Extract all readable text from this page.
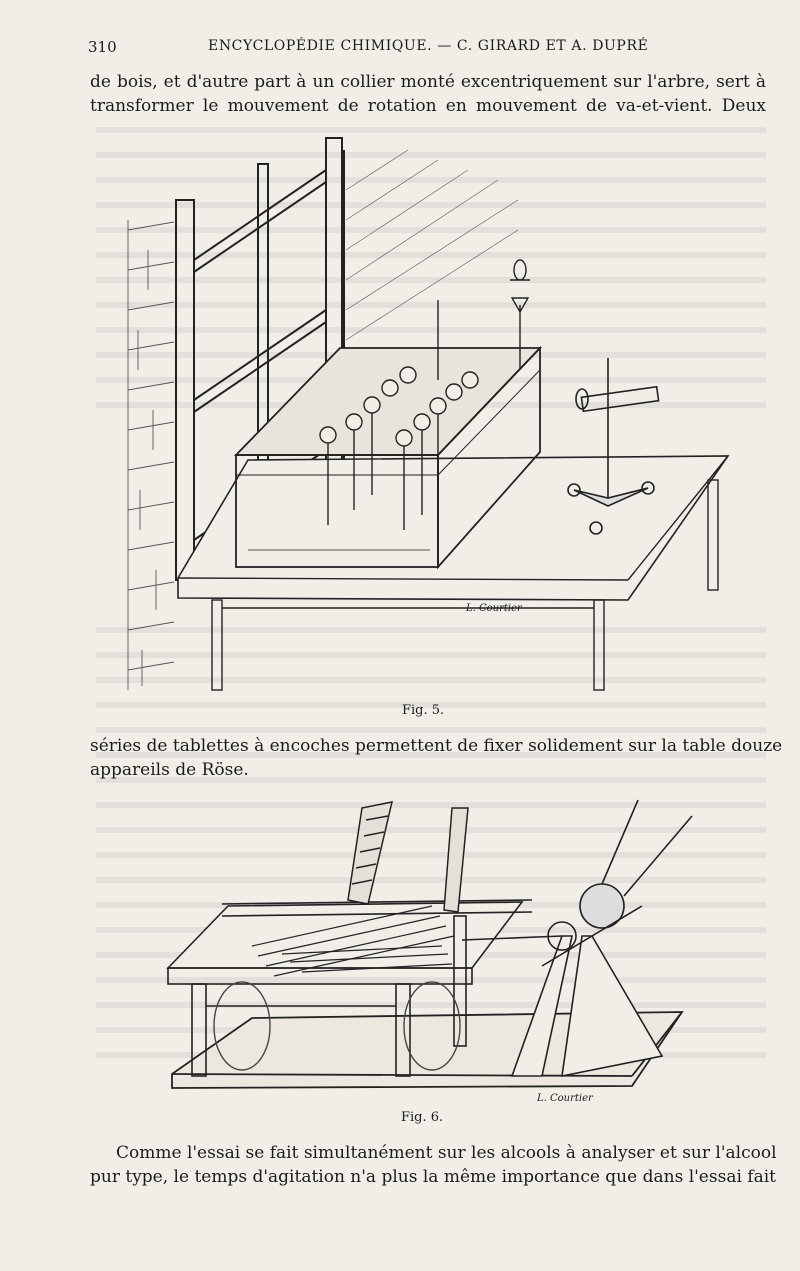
310	ENCYCLOPÉDIE CHIMIQUE. — C. GIRARD ET A. DUPRÉ
de bois, et d'autre part à un collier monté excentriquement sur l'arbre, sert à
transformer le mouvement de rotation en mouvement de va-et-vient. Deux
L. Courtier
Fig. 5.
séries de tablettes à encoches permettent de fixer solidement sur la table douze
appareils de Röse.
L. Courtier
Fig. 6.
Comme l'essai se fait simultanément sur les alcools à analyser et sur l'alcool
pur type, le temps d'agitation n'a plus la même importance que dans l'essai fait
